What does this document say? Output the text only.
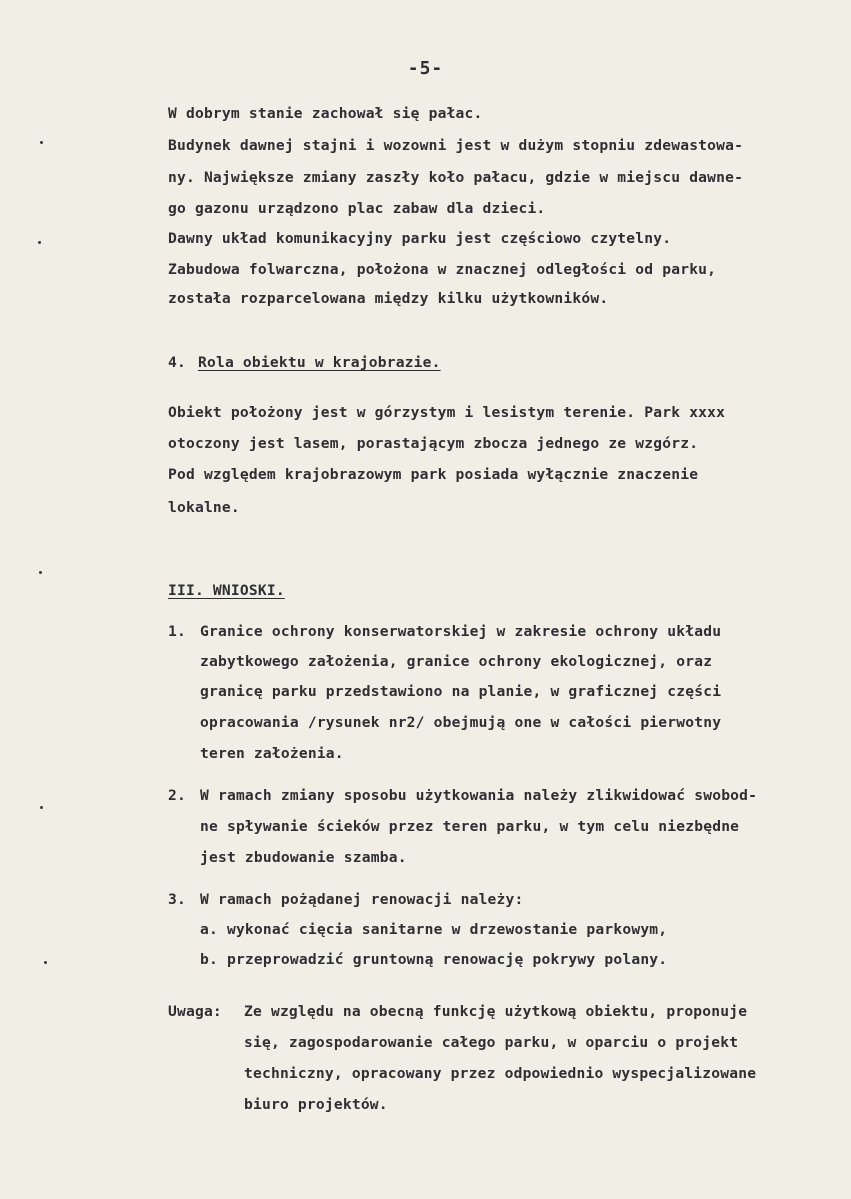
-5-
W dobrym stanie zachował się pałac.
Budynek dawnej stajni i wozowni jest w dużym stopniu zdewastowa-
ny. Największe zmiany zaszły koło pałacu, gdzie w miejscu dawne-
go gazonu urządzono plac zabaw dla dzieci.
Dawny układ komunikacyjny parku jest częściowo czytelny.
Zabudowa folwarczna, położona w znacznej odległości od parku,
została rozparcelowana między kilku użytkowników.
4. Rola obiektu w krajobrazie.
Obiekt położony jest w górzystym i lesistym terenie. Park xxxx
otoczony jest lasem, porastającym zbocza jednego ze wzgórz.
Pod względem krajobrazowym park posiada wyłącznie znaczenie
lokalne.
III. WNIOSKI.
1. Granice ochrony konserwatorskiej w zakresie ochrony układu
zabytkowego założenia, granice ochrony ekologicznej, oraz
granicę parku przedstawiono na planie, w graficznej części
opracowania /rysunek nr2/ obejmują one w całości pierwotny
teren założenia.
2. W ramach zmiany sposobu użytkowania należy zlikwidować swobod-
ne spływanie ścieków przez teren parku, w tym celu niezbędne
jest zbudowanie szamba.
3. W ramach pożądanej renowacji należy:
a. wykonać cięcia sanitarne w drzewostanie parkowym,
b. przeprowadzić gruntowną renowację pokrywy polany.
Uwaga: Ze względu na obecną funkcję użytkową obiektu, proponuje
się, zagospodarowanie całego parku, w oparciu o projekt
techniczny, opracowany przez odpowiednio wyspecjalizowane
biuro projektów.
